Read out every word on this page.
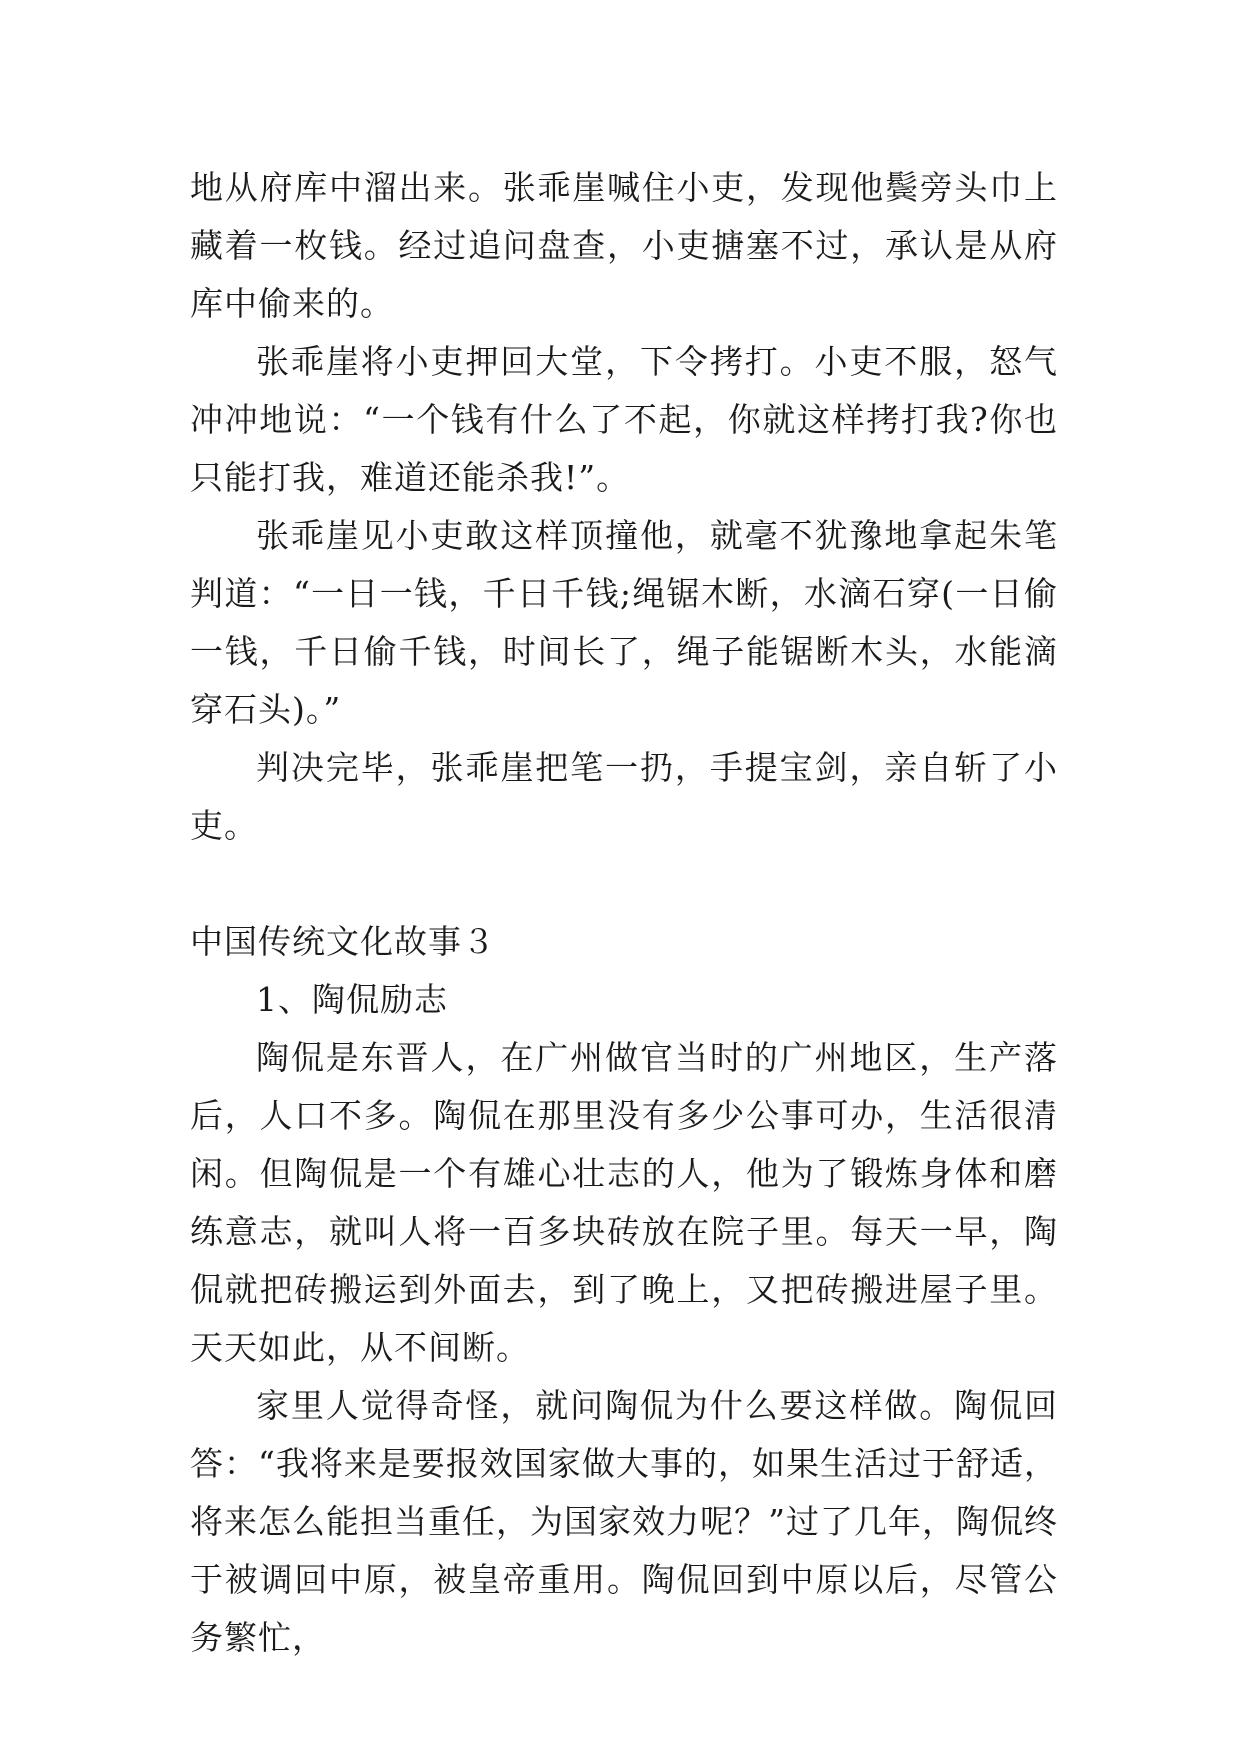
地从府库中溜出来。张乖崖喊住小吏，发现他鬓旁头巾上藏着一枚钱。经过追问盘查，小吏搪塞不过，承认是从府库中偷来的。

张乖崖将小吏押回大堂，下令拷打。小吏不服，怒气冲冲地说：“一个钱有什么了不起，你就这样拷打我?你也只能打我，难道还能杀我!”。

张乖崖见小吏敢这样顶撞他，就毫不犹豫地拿起朱笔判道：“一日一钱，千日千钱;绳锯木断，水滴石穿(一日偷一钱，千日偷千钱，时间长了，绳子能锯断木头，水能滴穿石头)。”

判决完毕，张乖崖把笔一扔，手提宝剑，亲自斩了小吏。

中国传统文化故事３

1、陶侃励志

陶侃是东晋人，在广州做官当时的广州地区，生产落后，人口不多。陶侃在那里没有多少公事可办，生活很清闲。但陶侃是一个有雄心壮志的人，他为了锻炼身体和磨练意志，就叫人将一百多块砖放在院子里。每天一早，陶侃就把砖搬运到外面去，到了晚上，又把砖搬进屋子里。天天如此，从不间断。

家里人觉得奇怪，就问陶侃为什么要这样做。陶侃回答：“我将来是要报效国家做大事的，如果生活过于舒适，将来怎么能担当重任，为国家效力呢？”过了几年，陶侃终于被调回中原，被皇帝重用。陶侃回到中原以后，尽管公务繁忙，
